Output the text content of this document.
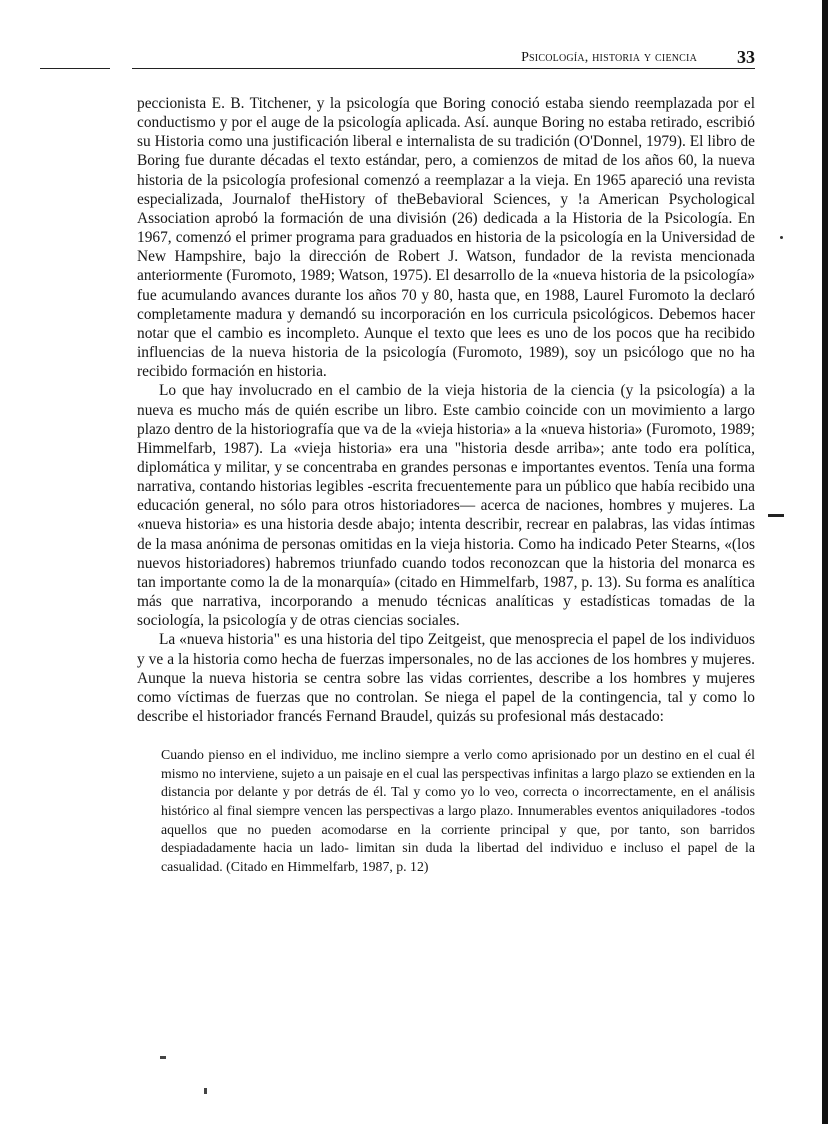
Psicología, historia y ciencia 33

peccionista E. B. Titchener, y la psicología que Boring conoció estaba siendo reemplazada por el conductismo y por el auge de la psicología aplicada. Así. aunque Boring no estaba retirado, escribió su Historia como una justificación liberal e internalista de su tradición (O'Donnel, 1979). El libro de Boring fue durante décadas el texto estándar, pero, a comienzos de mitad de los años 60, la nueva historia de la psicología profesional comenzó a reemplazar a la vieja. En 1965 apareció una revista especializada, Journalof theHistory of theBebavioral Sciences, y !a American Psychological Association aprobó la formación de una división (26) dedicada a la Historia de la Psicología. En 1967, comenzó el primer programa para graduados en historia de la psicología en la Universidad de New Hampshire, bajo la dirección de Robert J. Watson, fundador de la revista mencionada anteriormente (Furomoto, 1989; Watson, 1975). El desarrollo de la «nueva historia de la psicología» fue acumulando avances durante los años 70 y 80, hasta que, en 1988, Laurel Furomoto la declaró completamente madura y demandó su incorporación en los curricula psicológicos. Debemos hacer notar que el cambio es incompleto. Aunque el texto que lees es uno de los pocos que ha recibido influencias de la nueva historia de la psicología (Furomoto, 1989), soy un psicólogo que no ha recibido formación en historia.

Lo que hay involucrado en el cambio de la vieja historia de la ciencia (y la psicología) a la nueva es mucho más de quién escribe un libro. Este cambio coincide con un movimiento a largo plazo dentro de la historiografía que va de la «vieja historia» a la «nueva historia» (Furomoto, 1989; Himmelfarb, 1987). La «vieja historia» era una "historia desde arriba»; ante todo era política, diplomática y militar, y se concentraba en grandes personas e importantes eventos. Tenía una forma narrativa, contando historias legibles -escrita frecuentemente para un público que había recibido una educación general, no sólo para otros historiadores— acerca de naciones, hombres y mujeres. La «nueva historia» es una historia desde abajo; intenta describir, recrear en palabras, las vidas íntimas de la masa anónima de personas omitidas en la vieja historia. Como ha indicado Peter Stearns, «(los nuevos historiadores) habremos triunfado cuando todos reconozcan que la historia del monarca es tan importante como la de la monarquía» (citado en Himmelfarb, 1987, p. 13). Su forma es analítica más que narrativa, incorporando a menudo técnicas analíticas y estadísticas tomadas de la sociología, la psicología y de otras ciencias sociales.

La «nueva historia" es una historia del tipo Zeitgeist, que menosprecia el papel de los individuos y ve a la historia como hecha de fuerzas impersonales, no de las acciones de los hombres y mujeres. Aunque la nueva historia se centra sobre las vidas corrientes, describe a los hombres y mujeres como víctimas de fuerzas que no controlan. Se niega el papel de la contingencia, tal y como lo describe el historiador francés Fernand Braudel, quizás su profesional más destacado:

Cuando pienso en el individuo, me inclino siempre a verlo como aprisionado por un destino en el cual él mismo no interviene, sujeto a un paisaje en el cual las perspectivas infinitas a largo plazo se extienden en la distancia por delante y por detrás de él. Tal y como yo lo veo, correcta o incorrectamente, en el análisis histórico al final siempre vencen las perspectivas a largo plazo. Innumerables eventos aniquiladores -todos aquellos que no pueden acomodarse en la corriente principal y que, por tanto, son barridos despiadadamente hacia un lado- limitan sin duda la libertad del individuo e incluso el papel de la casualidad. (Citado en Himmelfarb, 1987, p. 12)
